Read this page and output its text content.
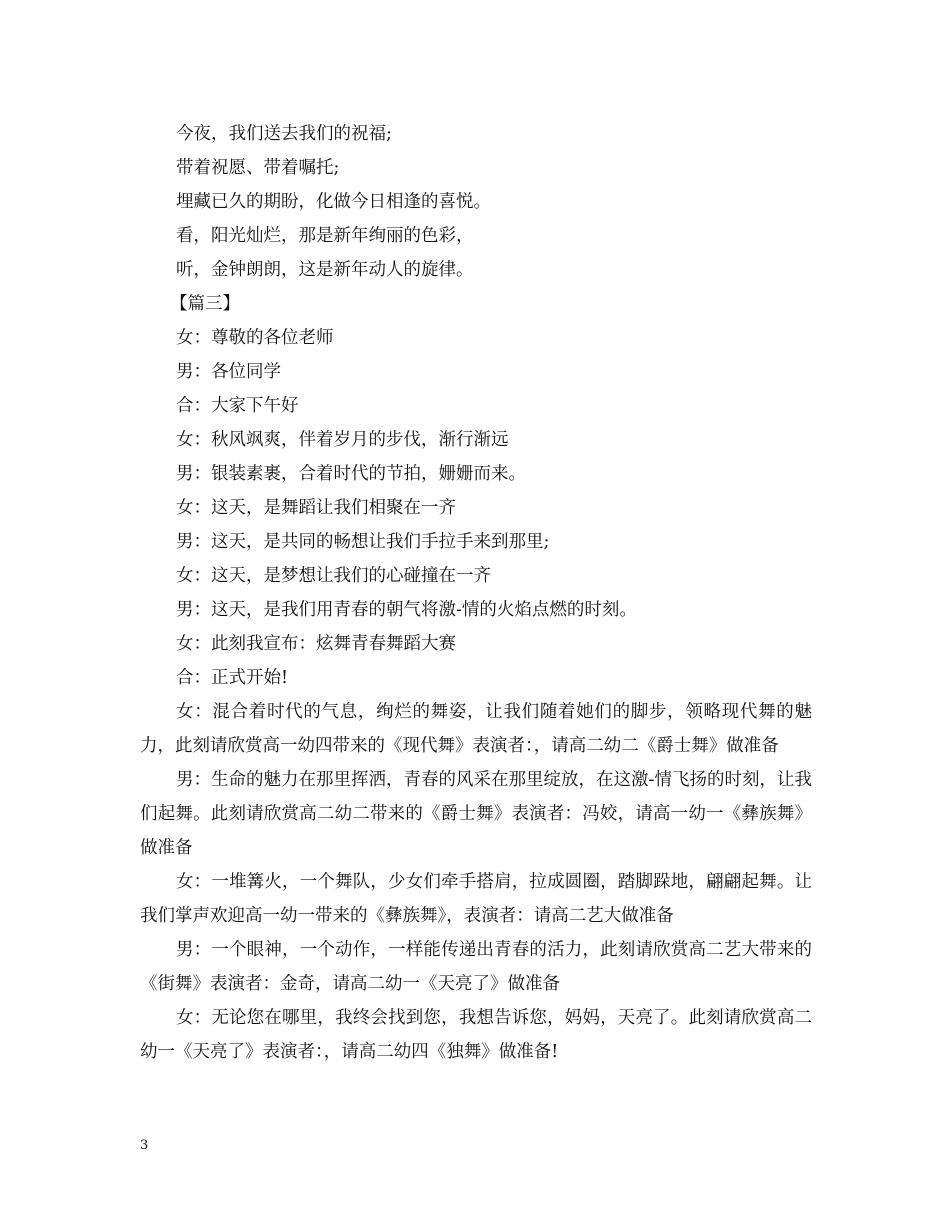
今夜，我们送去我们的祝福;
带着祝愿、带着嘱托;
埋藏已久的期盼，化做今日相逢的喜悦。
看，阳光灿烂，那是新年绚丽的色彩，
听，金钟朗朗，这是新年动人的旋律。
【篇三】
女：尊敬的各位老师
男：各位同学
合：大家下午好
女：秋风飒爽，伴着岁月的步伐，渐行渐远
男：银装素裹，合着时代的节拍，姗姗而来。
女：这天，是舞蹈让我们相聚在一齐
男：这天，是共同的畅想让我们手拉手来到那里;
女：这天，是梦想让我们的心碰撞在一齐
男：这天，是我们用青春的朝气将激-情的火焰点燃的时刻。
女：此刻我宣布：炫舞青春舞蹈大赛
合：正式开始!
女：混合着时代的气息，绚烂的舞姿，让我们随着她们的脚步，领略现代舞的魅力，此刻请欣赏高一幼四带来的《现代舞》表演者：，请高二幼二《爵士舞》做准备
男：生命的魅力在那里挥洒，青春的风采在那里绽放，在这激-情飞扬的时刻，让我们起舞。此刻请欣赏高二幼二带来的《爵士舞》表演者：冯姣，请高一幼一《彝族舞》做准备
女：一堆篝火，一个舞队，少女们牵手搭肩，拉成圆圈，踏脚跺地，翩翩起舞。让我们掌声欢迎高一幼一带来的《彝族舞》，表演者：请高二艺大做准备
男：一个眼神，一个动作，一样能传递出青春的活力，此刻请欣赏高二艺大带来的《街舞》表演者：金奇，请高二幼一《天亮了》做准备
女：无论您在哪里，我终会找到您，我想告诉您，妈妈，天亮了。此刻请欣赏高二幼一《天亮了》表演者：，请高二幼四《独舞》做准备!
3
